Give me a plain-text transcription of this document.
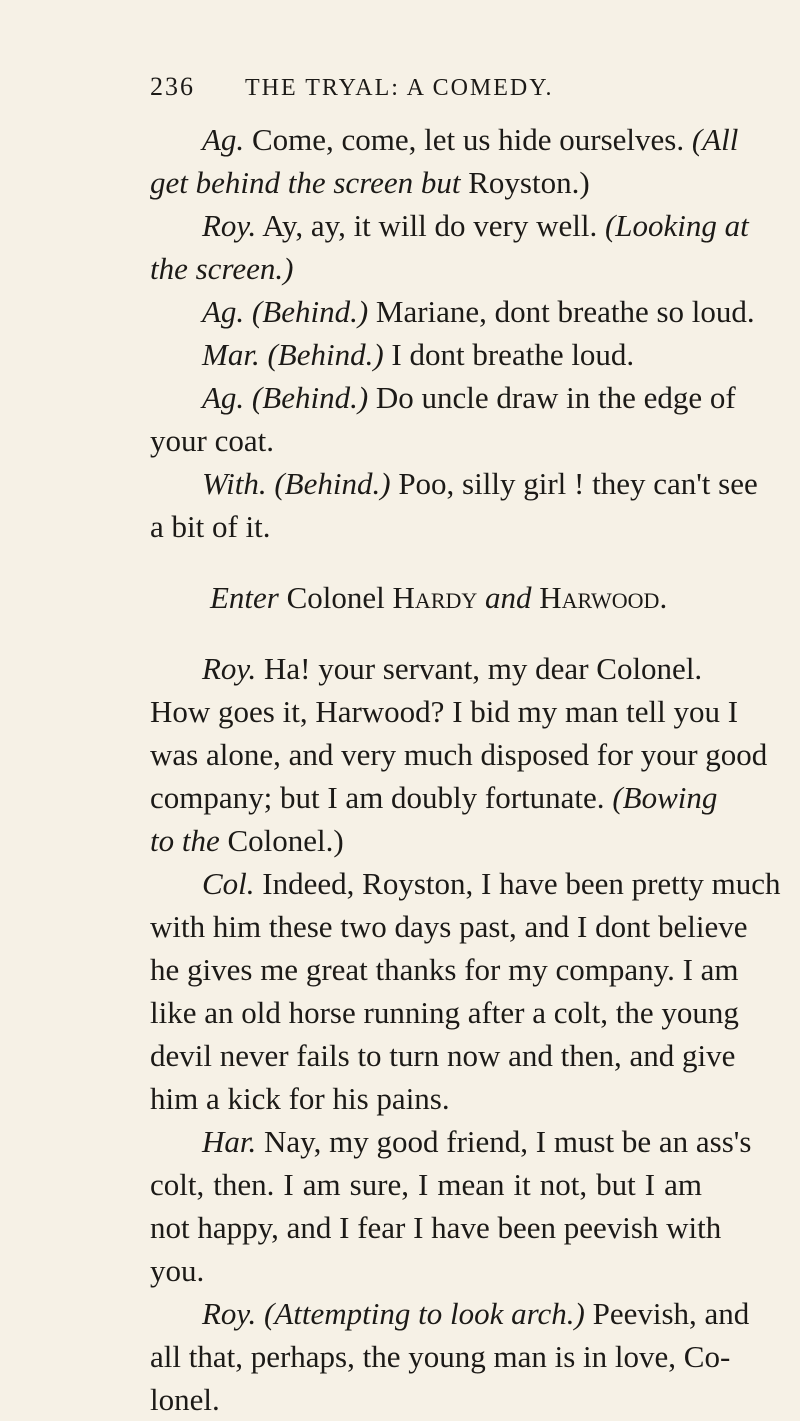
236 THE TRYAL: A COMEDY.
Ag. Come, come, let us hide ourselves. (All
get behind the screen but Royston.)
Roy. Ay, ay, it will do very well. (Looking at
the screen.)
Ag. (Behind.) Mariane, dont breathe so loud.
Mar. (Behind.) I dont breathe loud.
Ag. (Behind.) Do uncle draw in the edge of
your coat.
With. (Behind.) Poo, silly girl ! they can't see
a bit of it.
Enter Colonel Hardy and Harwood.
Roy. Ha! your servant, my dear Colonel.
How goes it, Harwood? I bid my man tell you I
was alone, and very much disposed for your good
company; but I am doubly fortunate. (Bowing
to the Colonel.)
Col. Indeed, Royston, I have been pretty much
with him these two days past, and I dont believe
he gives me great thanks for my company. I am
like an old horse running after a colt, the young
devil never fails to turn now and then, and give
him a kick for his pains.
Har. Nay, my good friend, I must be an ass's
colt, then. I am sure, I mean it not, but I am
not happy, and I fear I have been peevish with
you.
Roy. (Attempting to look arch.) Peevish, and
all that, perhaps, the young man is in love, Co-
lonel.
